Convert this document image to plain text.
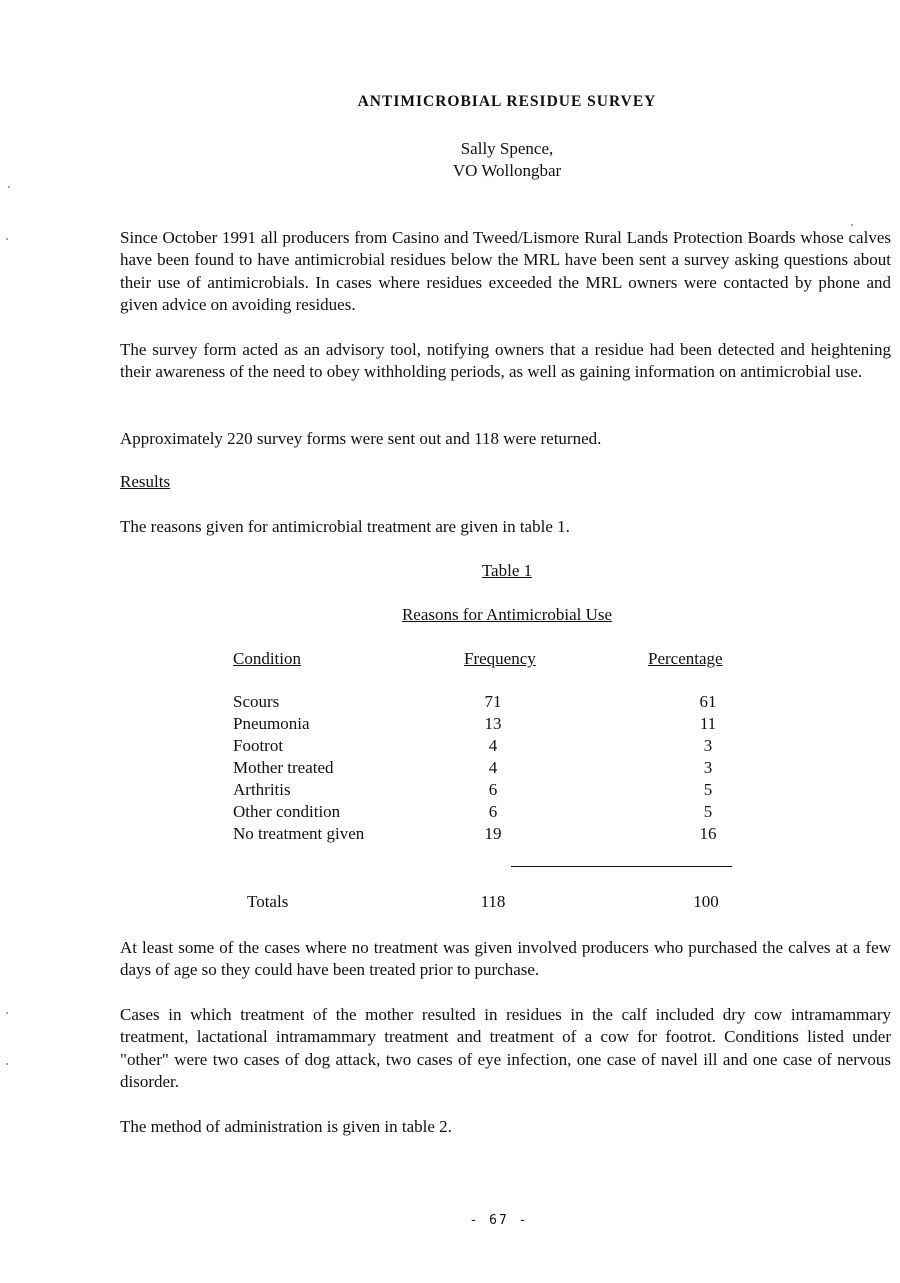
ANTIMICROBIAL RESIDUE SURVEY
Sally Spence,
VO Wollongbar
Since October 1991 all producers from Casino and Tweed/Lismore Rural Lands Protection Boards whose calves have been found to have antimicrobial residues below the MRL have been sent a survey asking questions about their use of antimicrobials. In cases where residues exceeded the MRL owners were contacted by phone and given advice on avoiding residues.
The survey form acted as an advisory tool, notifying owners that a residue had been detected and heightening their awareness of the need to obey withholding periods, as well as gaining information on antimicrobial use.
Approximately 220 survey forms were sent out and 118 were returned.
Results
The reasons given for antimicrobial treatment are given in table 1.
Table 1
Reasons for Antimicrobial Use
Condition	Frequency	Percentage
Scours	71	61
Pneumonia	13	11
Footrot	4	3
Mother treated	4	3
Arthritis	6	5
Other condition	6	5
No treatment given	19	16
Totals	118	100
At least some of the cases where no treatment was given involved producers who purchased the calves at a few days of age so they could have been treated prior to purchase.
Cases in which treatment of the mother resulted in residues in the calf included dry cow intramammary treatment, lactational intramammary treatment and treatment of a cow for footrot. Conditions listed under "other" were two cases of dog attack, two cases of eye infection, one case of navel ill and one case of nervous disorder.
The method of administration is given in table 2.
- 67 -
